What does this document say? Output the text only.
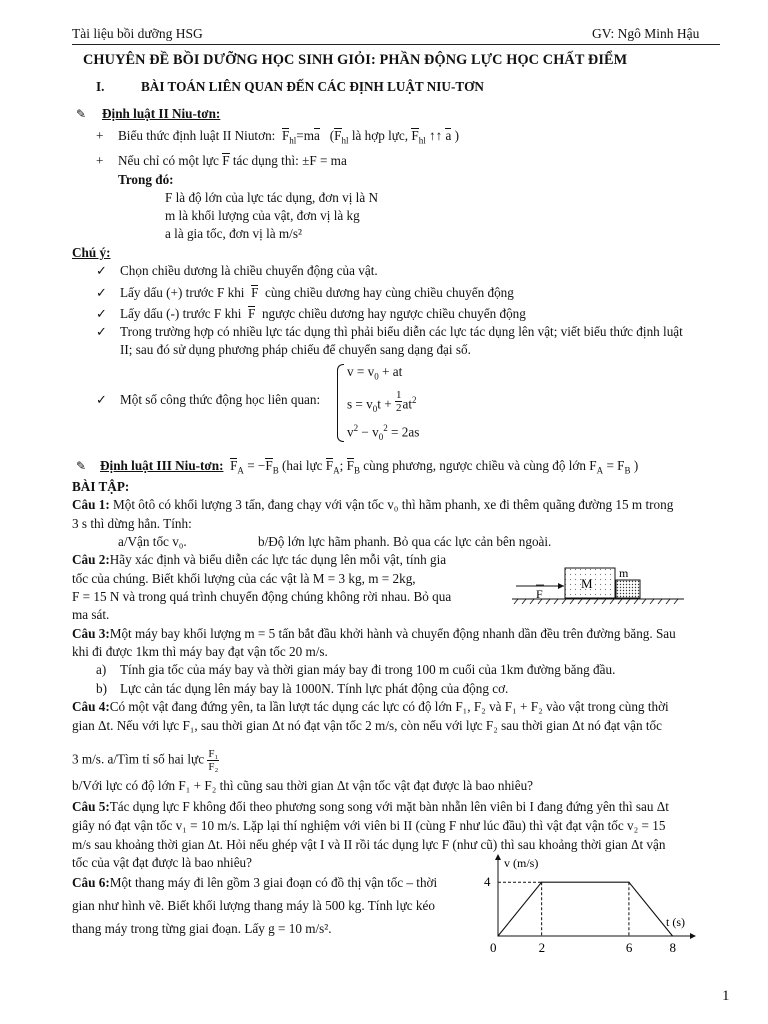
Tài liệu bồi dưỡng HSG	GV: Ngô Minh Hậu
CHUYÊN ĐỀ BỒI DƯỠNG HỌC SINH GIỎI: PHẦN ĐỘNG LỰC HỌC CHẤT ĐIỂM
I.	BÀI TOÁN LIÊN QUAN ĐẾN CÁC ĐỊNH LUẬT NIU-TƠN
✎ Định luật II Niu-tơn:
+ Biểu thức định luật II Niutơn: $F_{hl}=ma$   ($F_{hl}$ là hợp lực, $F_{hl}$ ↑↑ a )
+ Nếu chỉ có một lực F tác dụng thì: ±F = ma
Trong đó:
F là độ lớn của lực tác dụng, đơn vị là N
m là khối lượng của vật, đơn vị là kg
a là gia tốc, đơn vị là m/s²
Chú ý:
✓ Chọn chiều dương là chiều chuyển động của vật.
✓ Lấy dấu (+) trước F khi F cùng chiều dương hay cùng chiều chuyển động
✓ Lấy dấu (-) trước F khi F ngược chiều dương hay ngược chiều chuyển động
✓ Trong trường hợp có nhiều lực tác dụng thì phải biểu diễn các lực tác dụng lên vật; viết biểu thức định luật
II; sau đó sử dụng phương pháp chiếu để chuyển sang dạng đại số.
✓ Một số công thức động học liên quan:
$v = v_0$ + at
$s = v_0t + \frac{1}{2} at^2$
$v^2 - v_0^2 = 2as$
✎ Định luật III Niu-tơn: $F_A = -F_B$ (hai lực $F_A$; $F_B$ cùng phương, ngược chiều và cùng độ lớn $F_A = F_B$ )
BÀI TẬP:
Câu 1: Một ôtô có khối lượng 3 tấn, đang chạy với vận tốc v₀ thì hãm phanh, xe đi thêm quãng đường 15 m trong
3 s thì dừng hẳn. Tính:
a/Vận tốc v₀.	b/Độ lớn lực hãm phanh. Bỏ qua các lực cản bên ngoài.
Câu 2:Hãy xác định và biểu diễn các lực tác dụng lên mỗi vật, tính gia
tốc của chúng. Biết khối lượng của các vật là M = 3 kg, m = 2kg,
F = 15 N và trong quá trình chuyển động chúng không rời nhau. Bỏ qua
ma sát.
M
m
F
Câu 3:Một máy bay khối lượng m = 5 tấn bắt đầu khởi hành và chuyển động nhanh dần đều trên đường băng. Sau
khi đi được 1km thì máy bay đạt vận tốc 20 m/s.
a) Tính gia tốc của máy bay và thời gian máy bay đi trong 100 m cuối của 1km đường băng đầu.
b) Lực cản tác dụng lên máy bay là 1000N. Tính lực phát động của động cơ.
Câu 4:Có một vật đang đứng yên, ta lần lượt tác dụng các lực có độ lớn F₁, F₂ và F₁ + F₂ vào vật trong cùng thời
gian Δt. Nếu với lực F₁, sau thời gian Δt nó đạt vận tốc 2 m/s, còn nếu với lực F₂ sau thời gian Δt nó đạt vận tốc
3 m/s. a/Tìm tỉ số hai lực $\frac{\text{F₁}}{\text{F₂}}$
b/Với lực có độ lớn F₁ + F₂ thì cũng sau thời gian Δt vận tốc vật đạt được là bao nhiêu?
Câu 5:Tác dụng lực F không đổi theo phương song song với mặt bàn nhẵn lên viên bi I đang đứng yên thì sau Δt
giây nó đạt vận tốc v₁ = 10 m/s. Lặp lại thí nghiệm với viên bi II (cùng F như lúc đầu) thì vật đạt vận tốc v₂ = 15
m/s sau khoảng thời gian Δt. Hỏi nếu ghép vật I và II rồi tác dụng lực F (như cũ) thì sau khoảng thời gian Δt vận
tốc của vật đạt được là bao nhiêu?
Câu 6:Một thang máy đi lên gồm 3 giai đoạn có đồ thị vận tốc – thời
gian như hình vẽ. Biết khối lượng thang máy là 500 kg. Tính lực kéo
thang máy trong từng giai đoạn. Lấy g = 10 m/s².
v (m/s)
t (s)
0	2	6	8
4
1
